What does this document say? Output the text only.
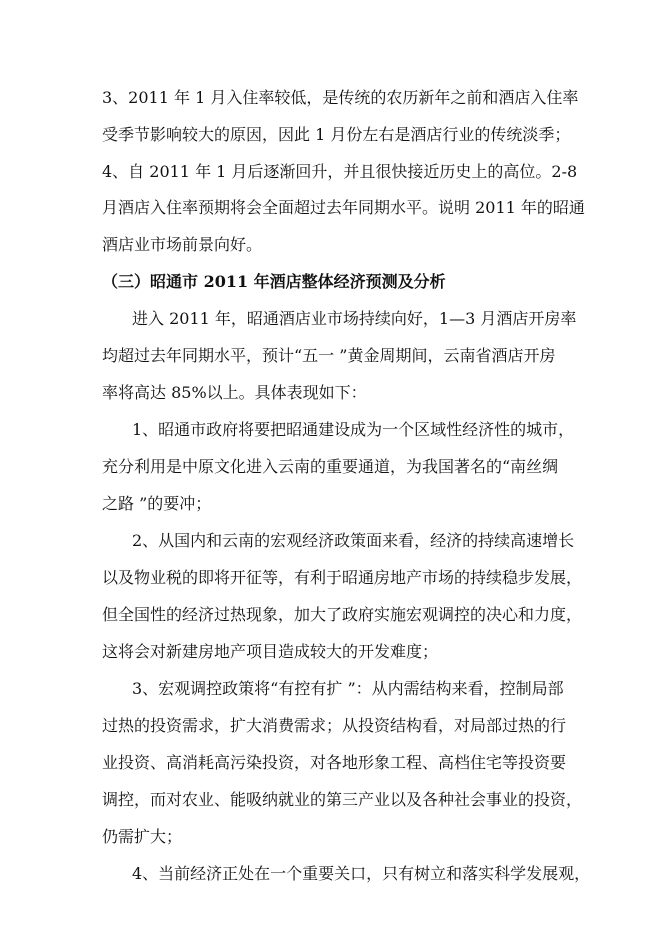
3、2011 年 1 月入住率较低，是传统的农历新年之前和酒店入住率
受季节影响较大的原因，因此 1 月份左右是酒店行业的传统淡季；
4、自 2011 年 1 月后逐渐回升，并且很快接近历史上的高位。2-8
月酒店入住率预期将会全面超过去年同期水平。说明 2011 年的昭通
酒店业市场前景向好。
（三）昭通市 2011 年酒店整体经济预测及分析
进入 2011 年，昭通酒店业市场持续向好，1—3 月酒店开房率
均超过去年同期水平，预计“五一 ”黄金周期间，云南省酒店开房
率将高达 85%以上。具体表现如下：
1、昭通市政府将要把昭通建设成为一个区域性经济性的城市，
充分利用是中原文化进入云南的重要通道，为我国著名的“南丝绸
之路 ”的要冲；
2、从国内和云南的宏观经济政策面来看，经济的持续高速增长
以及物业税的即将开征等，有利于昭通房地产市场的持续稳步发展，
但全国性的经济过热现象，加大了政府实施宏观调控的决心和力度，
这将会对新建房地产项目造成较大的开发难度；
3、宏观调控政策将“有控有扩 ”：从内需结构来看，控制局部
过热的投资需求，扩大消费需求；从投资结构看，对局部过热的行
业投资、高消耗高污染投资，对各地形象工程、高档住宅等投资要
调控，而对农业、能吸纳就业的第三产业以及各种社会事业的投资，
仍需扩大；
4、当前经济正处在一个重要关口，只有树立和落实科学发展观，
